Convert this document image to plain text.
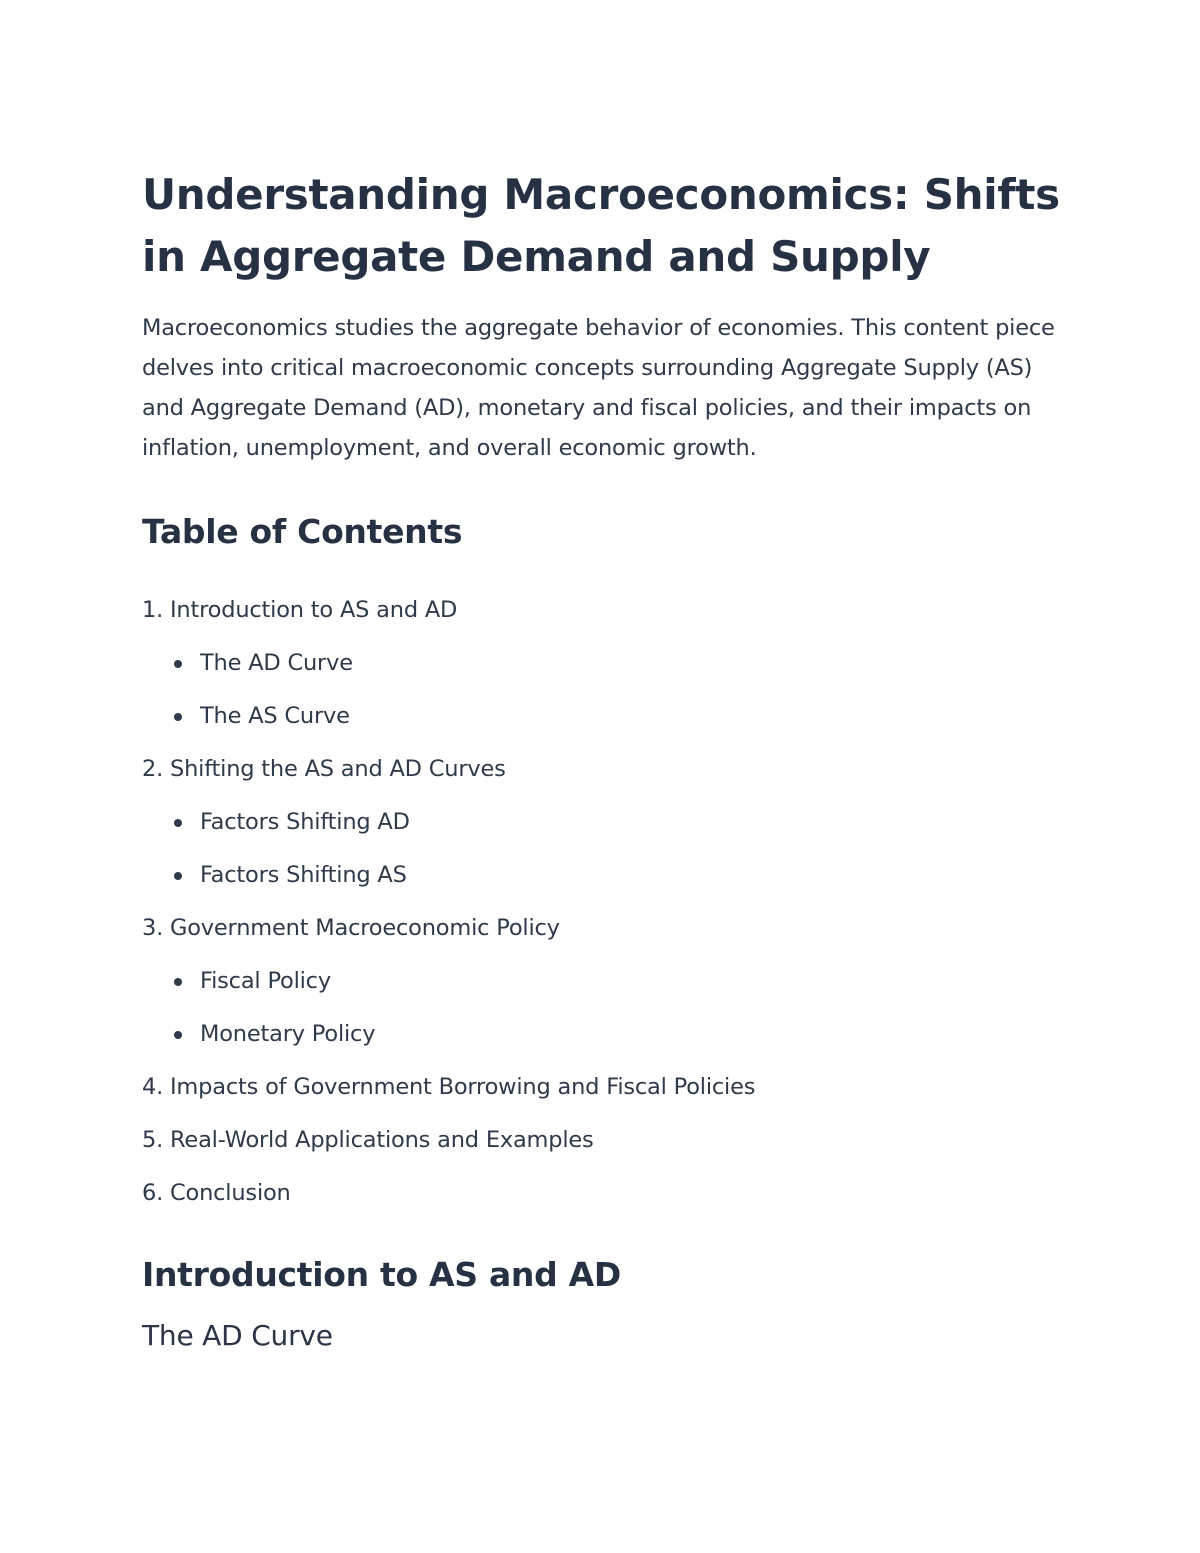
Understanding Macroeconomics: Shifts in Aggregate Demand and Supply

Macroeconomics studies the aggregate behavior of economies. This content piece delves into critical macroeconomic concepts surrounding Aggregate Supply (AS) and Aggregate Demand (AD), monetary and fiscal policies, and their impacts on inflation, unemployment, and overall economic growth.

Table of Contents
1. Introduction to AS and AD
The AD Curve
The AS Curve
2. Shifting the AS and AD Curves
Factors Shifting AD
Factors Shifting AS
3. Government Macroeconomic Policy
Fiscal Policy
Monetary Policy
4. Impacts of Government Borrowing and Fiscal Policies
5. Real-World Applications and Examples
6. Conclusion
Introduction to AS and AD
The AD Curve
